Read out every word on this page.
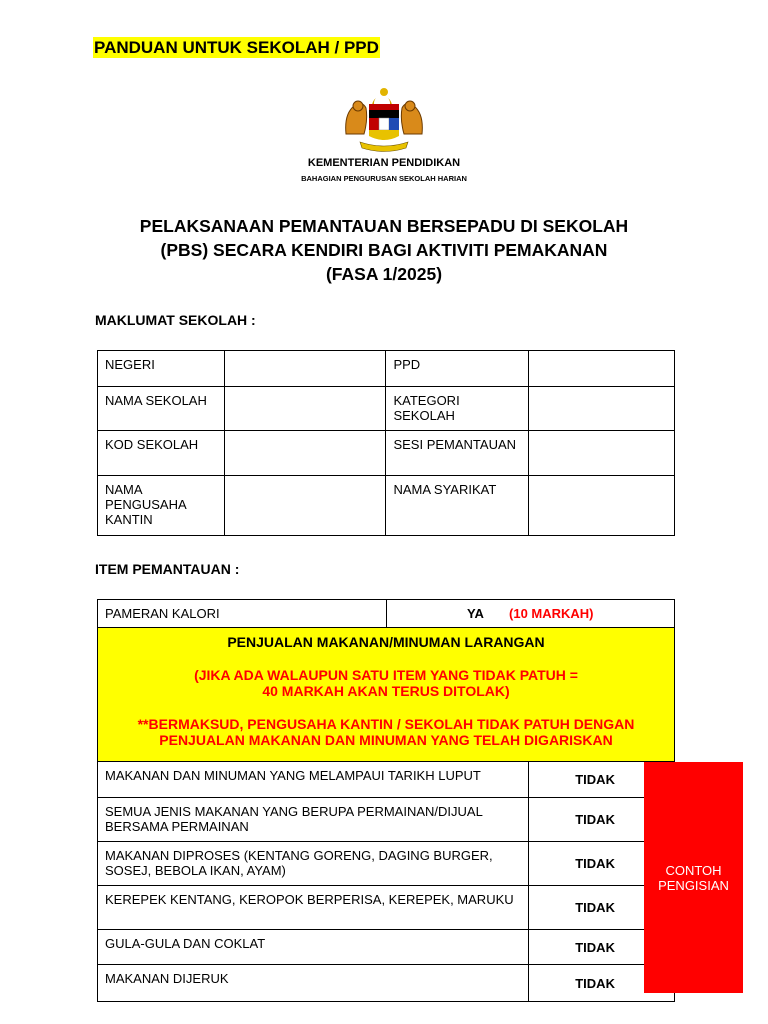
PANDUAN UNTUK SEKOLAH / PPD
KEMENTERIAN PENDIDIKAN
BAHAGIAN PENGURUSAN SEKOLAH HARIAN
PELAKSANAAN PEMANTAUAN BERSEPADU DI SEKOLAH
(PBS) SECARA KENDIRI BAGI AKTIVITI PEMAKANAN
(FASA 1/2025)
MAKLUMAT SEKOLAH :
NEGERI		PPD	
NAMA SEKOLAH		KATEGORI SEKOLAH	
KOD SEKOLAH		SESI PEMANTAUAN	
NAMA PENGUSAHA KANTIN		NAMA SYARIKAT	
ITEM PEMANTAUAN :
PAMERAN KALORI	YA (10 MARKAH)	

PENJUALAN MAKANAN/MINUMAN LARANGAN
(JIKA ADA WALAUPUN SATU ITEM YANG TIDAK PATUH =
40 MARKAH AKAN TERUS DITOLAK)
**BERMAKSUD, PENGUSAHA KANTIN / SEKOLAH TIDAK PATUH DENGAN
PENJUALAN MAKANAN DAN MINUMAN YANG TELAH DIGARISKAN		

MAKANAN DAN MINUMAN YANG MELAMPAUI TARIKH LUPUT		TIDAK
SEMUA JENIS MAKANAN YANG BERUPA PERMAINAN/DIJUAL BERSAMA PERMAINAN		TIDAK
MAKANAN DIPROSES (KENTANG GORENG, DAGING BURGER, SOSEJ, BEBOLA IKAN, AYAM)		TIDAK
KEREPEK KENTANG, KEROPOK BERPERISA, KEREPEK, MARUKU		TIDAK
GULA-GULA DAN COKLAT		TIDAK
MAKANAN DIJERUK		TIDAK
CONTOH PENGISIAN
